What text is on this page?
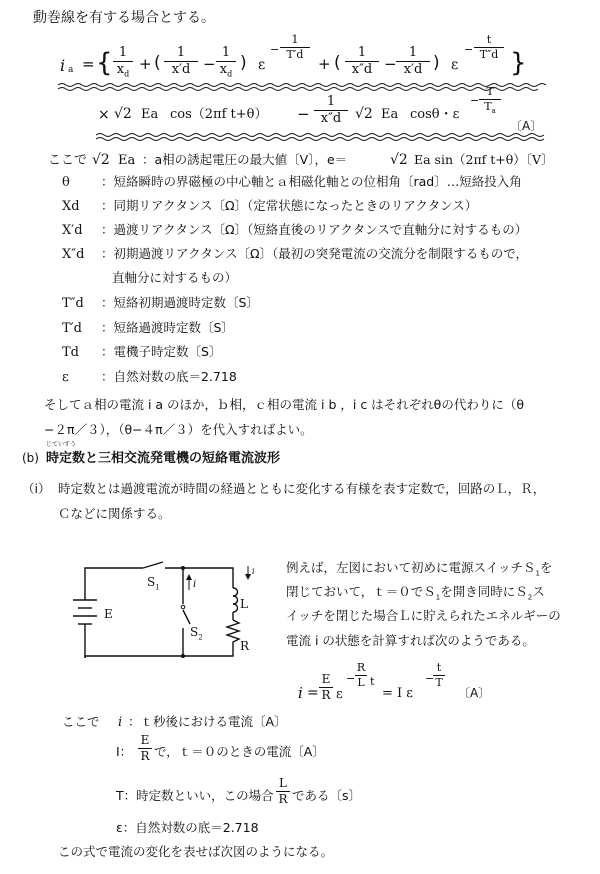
動巻線を有する場合とする。
i a = { 1
$x_d$
+ (
1
x′d −
1
$x_d$
) ε
−
1
T′d
+ (
1
x″d −
1
x′d ) ε
−
t
T″d }
× √2 Ea cos（2πf t+θ） −
1
x″d √2 Ea cosθ・ε
−
T
$T_a$
〔A〕
ここで √2 Ea ：a相の誘起電圧の最大値〔V〕，e＝	√2 Ea sin（2πf t+θ）〔V〕
θ ：短絡瞬時の界磁極の中心軸とａ相磁化軸との位相角〔rad〕…短絡投入角
Xd ：同期リアクタンス〔Ω〕（定常状態になったときのリアクタンス）
X′d ：過渡リアクタンス〔Ω〕（短絡直後のリアクタンスで直軸分に対するもの）
X″d ：初期過渡リアクタンス〔Ω〕（最初の突発電流の交流分を制限するもので，
直軸分に対するもの）
T″d ：短絡初期過渡時定数〔S〕
T′d ：短絡過渡時定数〔S〕
Td ：電機子時定数〔S〕
ε	：自然対数の底＝2.718
そしてａ相の電流 i a のほか，ｂ相，ｃ相の電流 i b ，i c はそれぞれθの代わりに（θ
−２π／３），（θ−４π／３）を代入すればよい。
(b)
じていすう
時定数と三相交流発電機の短絡電流波形
（ⅰ） 時定数とは過渡電流が時間の経過とともに変化する有様を表す定数で，回路のＬ，Ｒ，
Ｃなどに関係する。
$S_1$
$S_2$
E
L
R
i
i	例えば，左図において初めに電源スイッチＳ$_1$を
閉じておいて，ｔ＝０でＳ$_1$を開き同時にＳ$_2$ス
イッチを閉じた場合Ｌに貯えられたエネルギーの
電流 i の状態を計算すれば次のようである。
i =
E
R ε
−
R
L t
= I ε
−
t
T
〔A〕
ここで i ：ｔ秒後における電流〔A〕
I：
E
R で，ｔ＝０のときの電流〔A〕
T：時定数といい，この場合
L
R である〔s〕
ε：自然対数の底＝2.718
この式で電流の変化を表せば次図のようになる。
